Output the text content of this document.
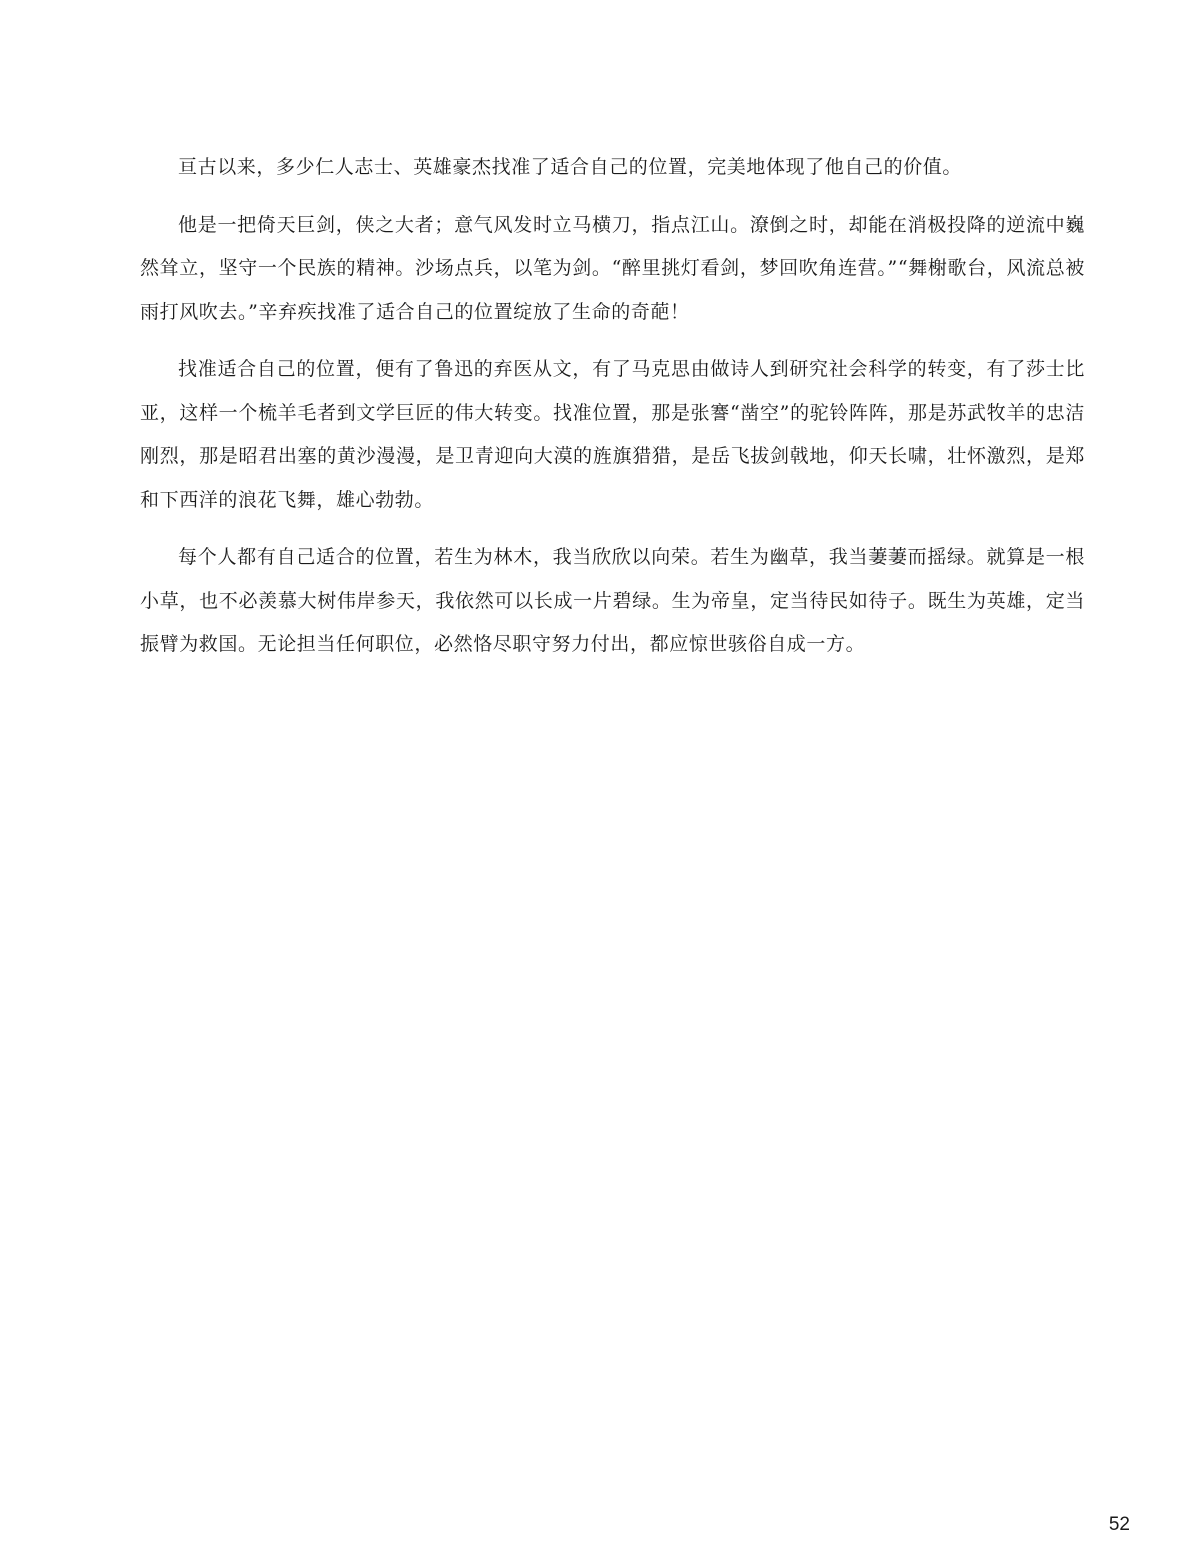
亘古以来，多少仁人志士、英雄豪杰找准了适合自己的位置，完美地体现了他自己的价值。

他是一把倚天巨剑，侠之大者；意气风发时立马横刀，指点江山。潦倒之时，却能在消极投降的逆流中巍然耸立，坚守一个民族的精神。沙场点兵，以笔为剑。“醉里挑灯看剑，梦回吹角连营。”“舞榭歌台，风流总被雨打风吹去。”辛弃疾找准了适合自己的位置绽放了生命的奇葩！

找准适合自己的位置，便有了鲁迅的弃医从文，有了马克思由做诗人到研究社会科学的转变，有了莎士比亚，这样一个梳羊毛者到文学巨匠的伟大转变。找准位置，那是张謇“凿空”的驼铃阵阵，那是苏武牧羊的忠洁刚烈，那是昭君出塞的黄沙漫漫，是卫青迎向大漠的旌旗猎猎，是岳飞拔剑戟地，仰天长啸，壮怀激烈，是郑和下西洋的浪花飞舞，雄心勃勃。

每个人都有自己适合的位置，若生为林木，我当欣欣以向荣。若生为幽草，我当萋萋而摇绿。就算是一根小草，也不必羡慕大树伟岸参天，我依然可以长成一片碧绿。生为帝皇，定当待民如待子。既生为英雄，定当振臂为救国。无论担当任何职位，必然恪尽职守努力付出，都应惊世骇俗自成一方。

52
